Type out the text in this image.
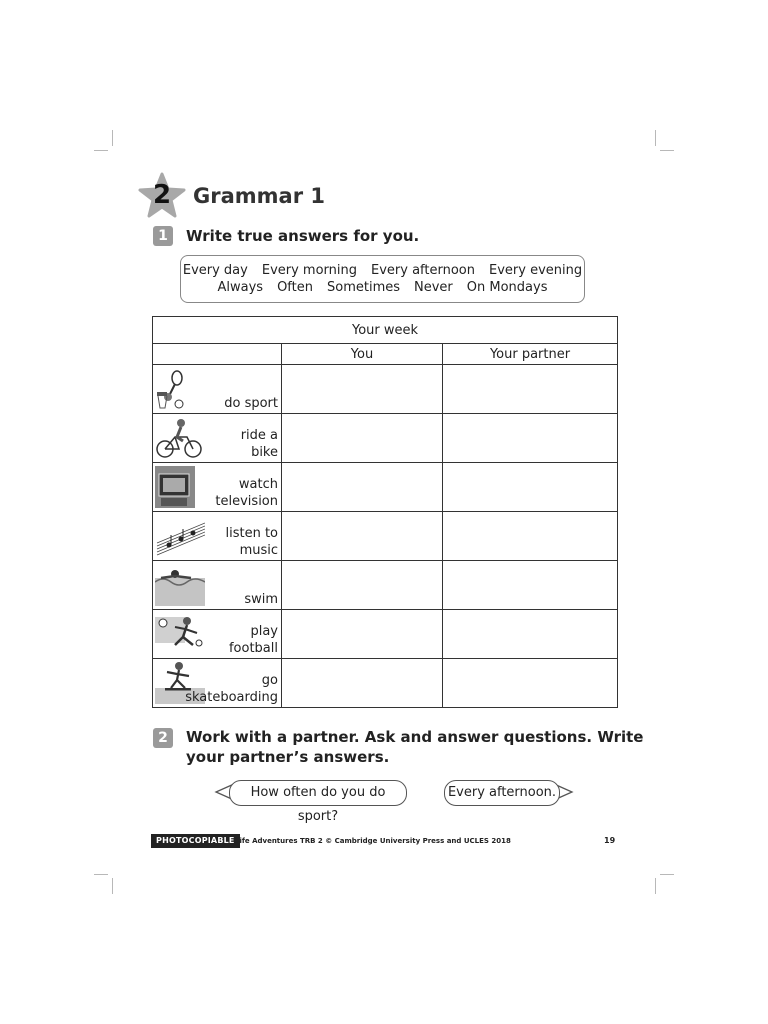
2	Grammar 1
1	Write true answers for you.
Every day Every morning Every afternoon Every evening
Always Often Sometimes Never On Mondays
Your week		
	You	Your partner

do sport		

ride a
bike		

watch
television		

listen to
music		

swim		

play
football		

go
skateboarding		

2	Work with a partner. Ask and answer questions. Write
your partner’s answers.
How often do you do sport?
Every afternoon.
PHOTOCOPIABLE Life Adventures TRB 2 © Cambridge University Press and UCLES 2018	19
